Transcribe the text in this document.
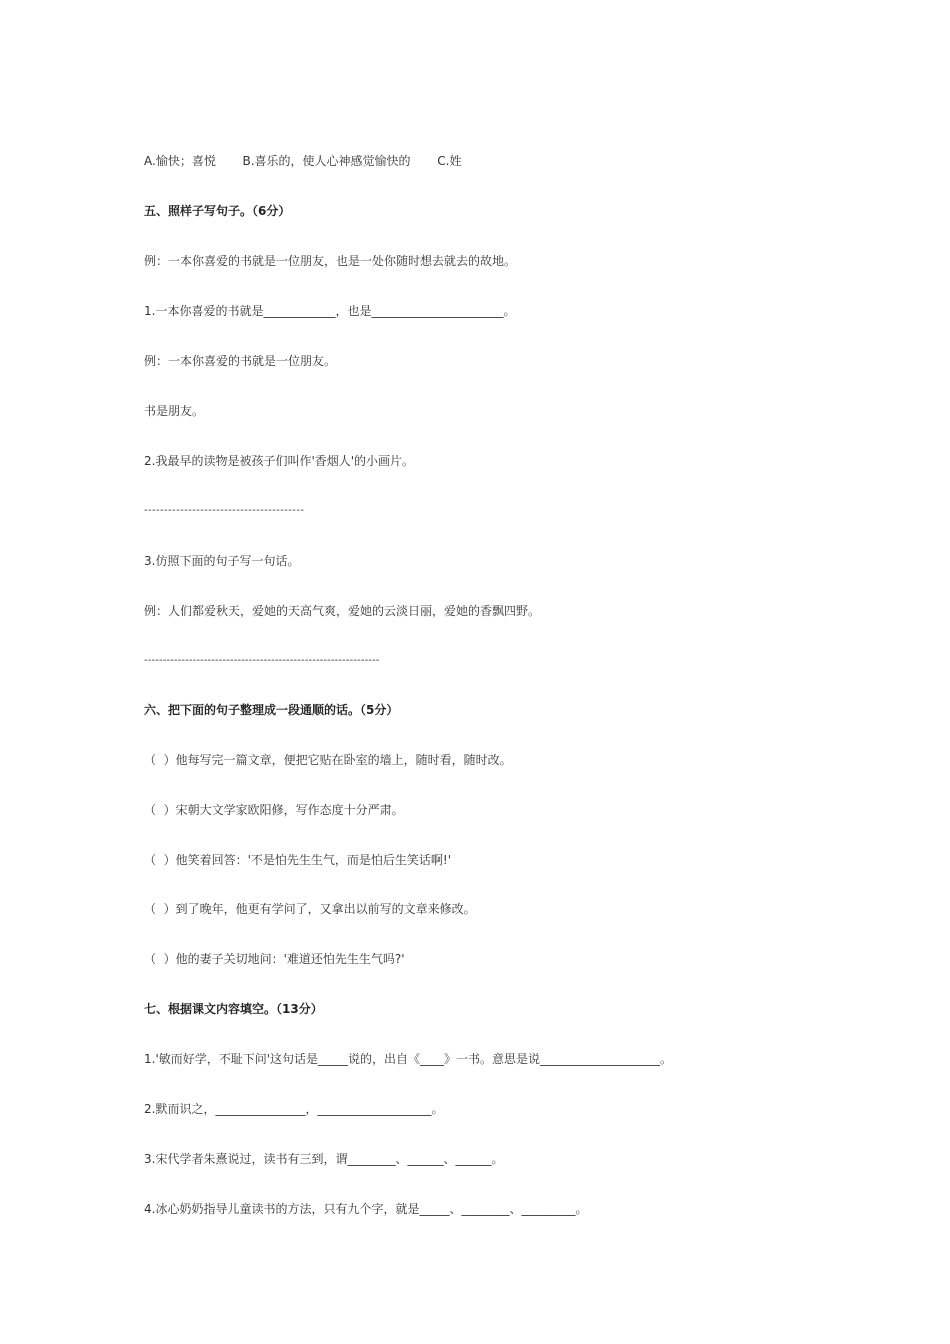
A.愉快；喜悦       B.喜乐的，使人心神感觉愉快的       C.姓
五、照样子写句子。（6分）
例：一本你喜爱的书就是一位朋友，也是一处你随时想去就去的故地。
1.一本你喜爱的书就是____________，也是______________________。
例：一本你喜爱的书就是一位朋友。
书是朋友。
2.我最早的读物是被孩子们叫作'香烟人'的小画片。
----------------------------------------
3.仿照下面的句子写一句话。
例：人们都爱秋天，爱她的天高气爽，爱她的云淡日丽，爱她的香飘四野。
---------------------------------------------------------------
六、把下面的句子整理成一段通顺的话。（5分）
（  ）他每写完一篇文章，便把它贴在卧室的墙上，随时看，随时改。
（  ）宋朝大文学家欧阳修，写作态度十分严肃。
（  ）他笑着回答：'不是怕先生生气，而是怕后生笑话啊!'
（  ）到了晚年，他更有学问了，又拿出以前写的文章来修改。
（  ）他的妻子关切地问：'难道还怕先生生气吗?'
七、根据课文内容填空。（13分）
1.'敏而好学，不耻下问'这句话是_____说的，出自《____》一书。意思是说____________________。
2.默而识之，_______________，___________________。
3.宋代学者朱熹说过，读书有三到，谓________、______、______。
4.冰心奶奶指导儿童读书的方法，只有九个字，就是_____、________、_________。
